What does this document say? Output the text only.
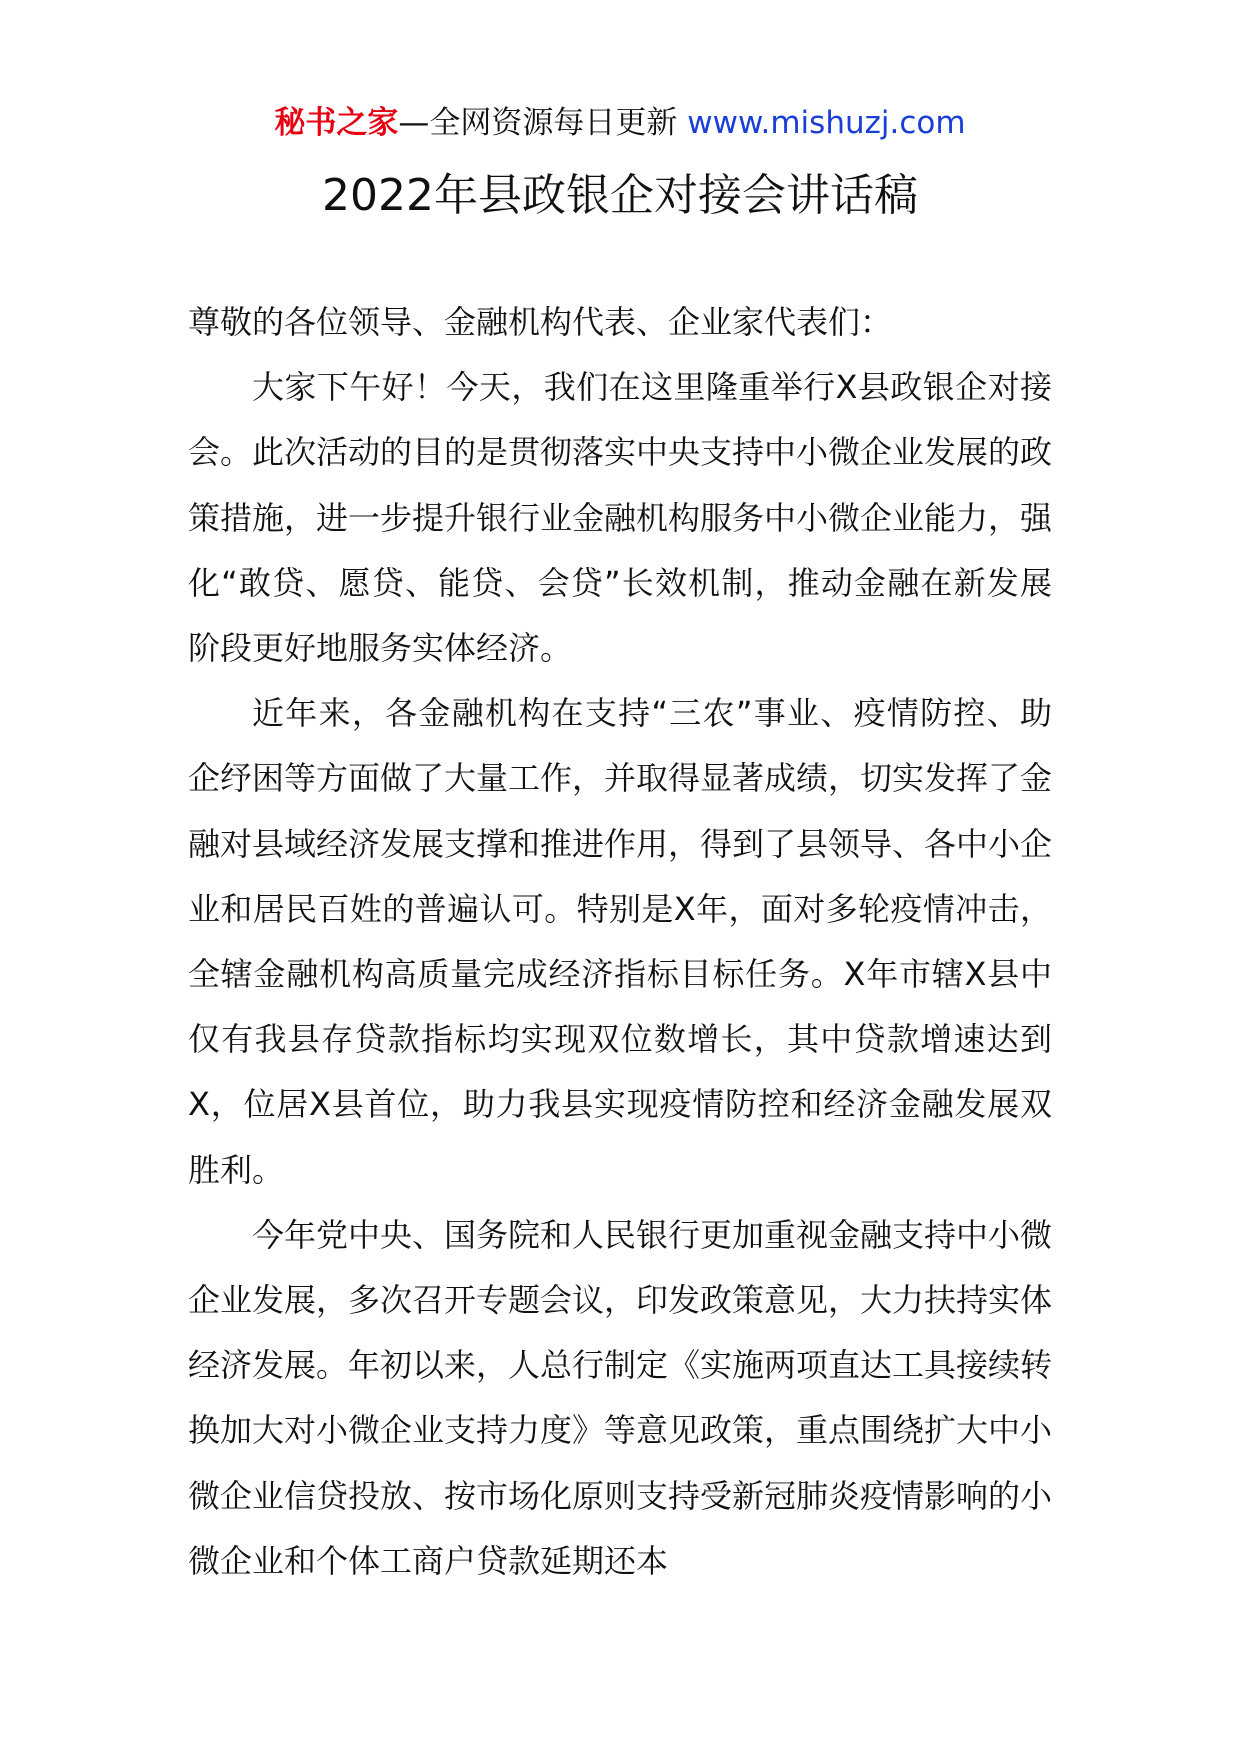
秘书之家—全网资源每日更新 www.mishuzj.com
2022年县政银企对接会讲话稿

尊敬的各位领导、金融机构代表、企业家代表们：

大家下午好！今天，我们在这里隆重举行X县政银企对接会。此次活动的目的是贯彻落实中央支持中小微企业发展的政策措施，进一步提升银行业金融机构服务中小微企业能力，强化“敢贷、愿贷、能贷、会贷”长效机制，推动金融在新发展阶段更好地服务实体经济。

近年来，各金融机构在支持“三农”事业、疫情防控、助企纾困等方面做了大量工作，并取得显著成绩，切实发挥了金融对县域经济发展支撑和推进作用，得到了县领导、各中小企业和居民百姓的普遍认可。特别是X年，面对多轮疫情冲击，全辖金融机构高质量完成经济指标目标任务。X年市辖X县中仅有我县存贷款指标均实现双位数增长，其中贷款增速达到X，位居X县首位，助力我县实现疫情防控和经济金融发展双胜利。

今年党中央、国务院和人民银行更加重视金融支持中小微企业发展，多次召开专题会议，印发政策意见，大力扶持实体经济发展。年初以来，人总行制定《实施两项直达工具接续转换加大对小微企业支持力度》等意见政策，重点围绕扩大中小微企业信贷投放、按市场化原则支持受新冠肺炎疫情影响的小微企业和个体工商户贷款延期还本
